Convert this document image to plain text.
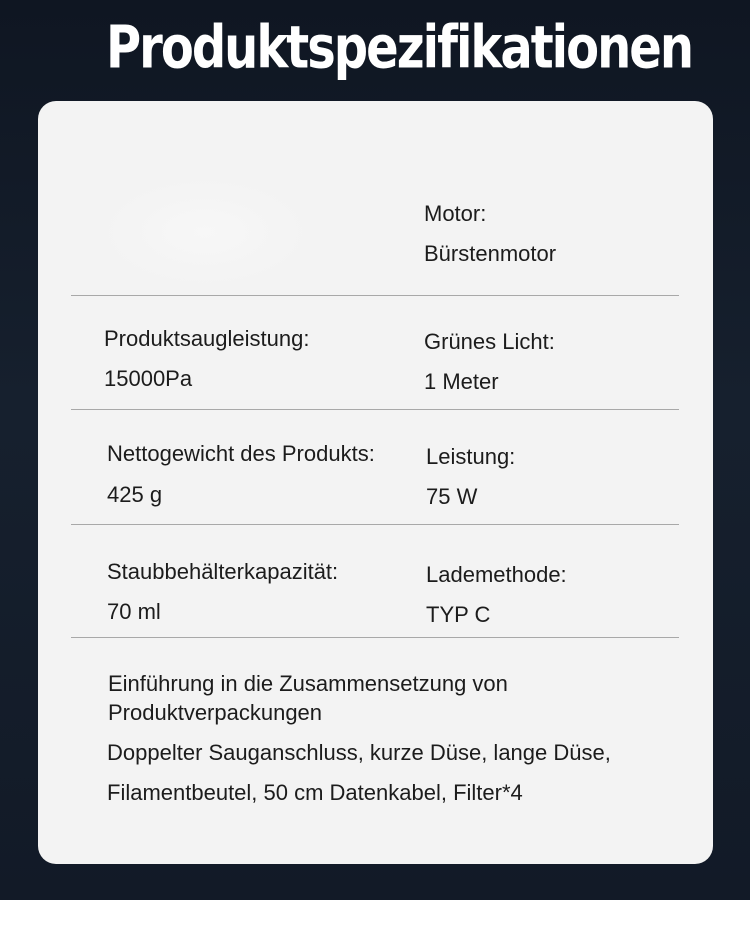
Produktspezifikationen
Motor:
Bürstenmotor
Produktsaugleistung:
15000Pa
Grünes Licht:
1 Meter
Nettogewicht des Produkts:
425 g
Leistung:
75 W
Staubbehälterkapazität:
70 ml
Lademethode:
TYP C
Einführung in die Zusammensetzung von Produktverpackungen
Doppelter Sauganschluss, kurze Düse, lange Düse, Filamentbeutel, 50 cm Datenkabel, Filter*4
